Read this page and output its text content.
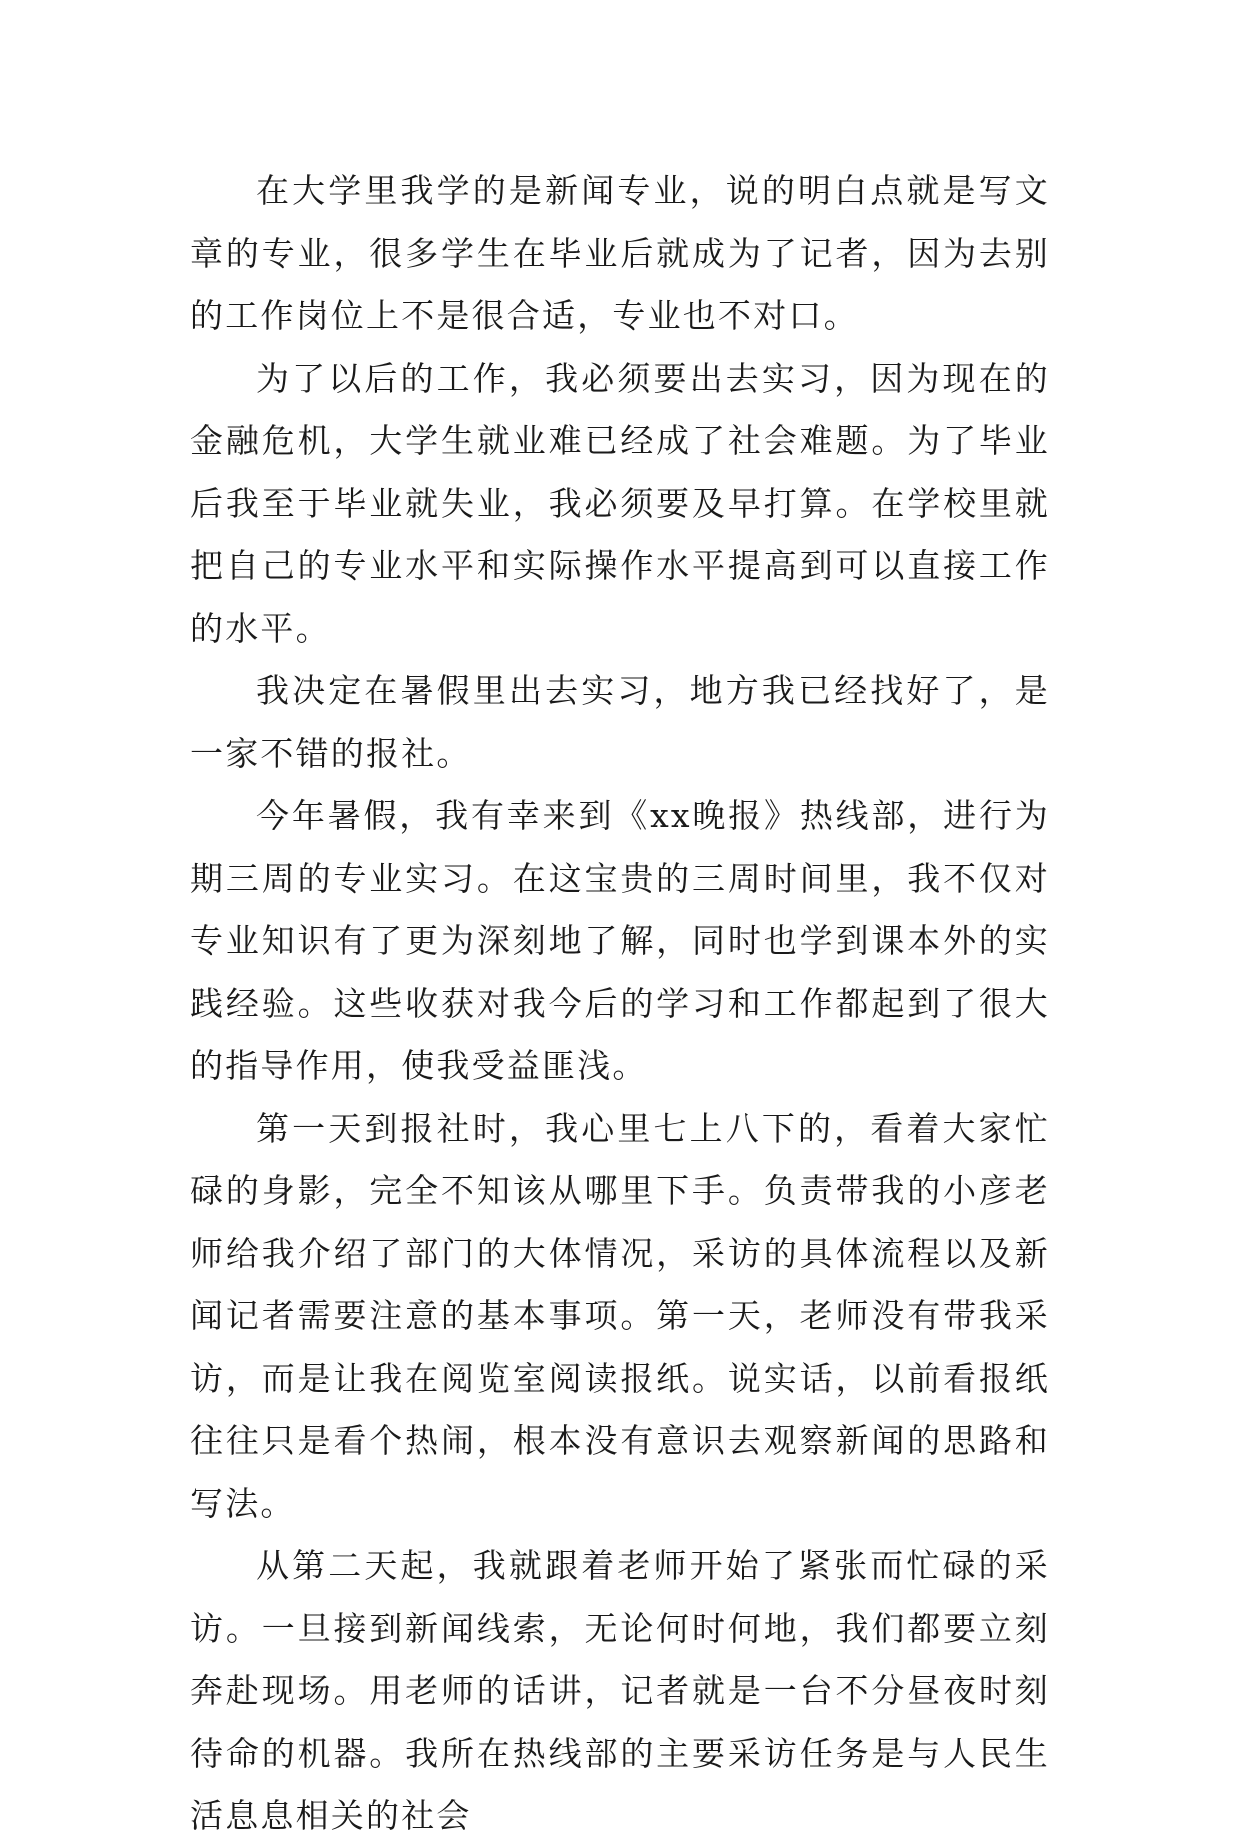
在大学里我学的是新闻专业，说的明白点就是写文章的专业，很多学生在毕业后就成为了记者，因为去别的工作岗位上不是很合适，专业也不对口。

为了以后的工作，我必须要出去实习，因为现在的金融危机，大学生就业难已经成了社会难题。为了毕业后我至于毕业就失业，我必须要及早打算。在学校里就把自己的专业水平和实际操作水平提高到可以直接工作的水平。

我决定在暑假里出去实习，地方我已经找好了，是一家不错的报社。

今年暑假，我有幸来到《xx晚报》热线部，进行为期三周的专业实习。在这宝贵的三周时间里，我不仅对专业知识有了更为深刻地了解，同时也学到课本外的实践经验。这些收获对我今后的学习和工作都起到了很大的指导作用，使我受益匪浅。

第一天到报社时，我心里七上八下的，看着大家忙碌的身影，完全不知该从哪里下手。负责带我的小彦老师给我介绍了部门的大体情况，采访的具体流程以及新闻记者需要注意的基本事项。第一天，老师没有带我采访，而是让我在阅览室阅读报纸。说实话，以前看报纸往往只是看个热闹，根本没有意识去观察新闻的思路和写法。

从第二天起，我就跟着老师开始了紧张而忙碌的采访。一旦接到新闻线索，无论何时何地，我们都要立刻奔赴现场。用老师的话讲，记者就是一台不分昼夜时刻待命的机器。我所在热线部的主要采访任务是与人民生活息息相关的社会
